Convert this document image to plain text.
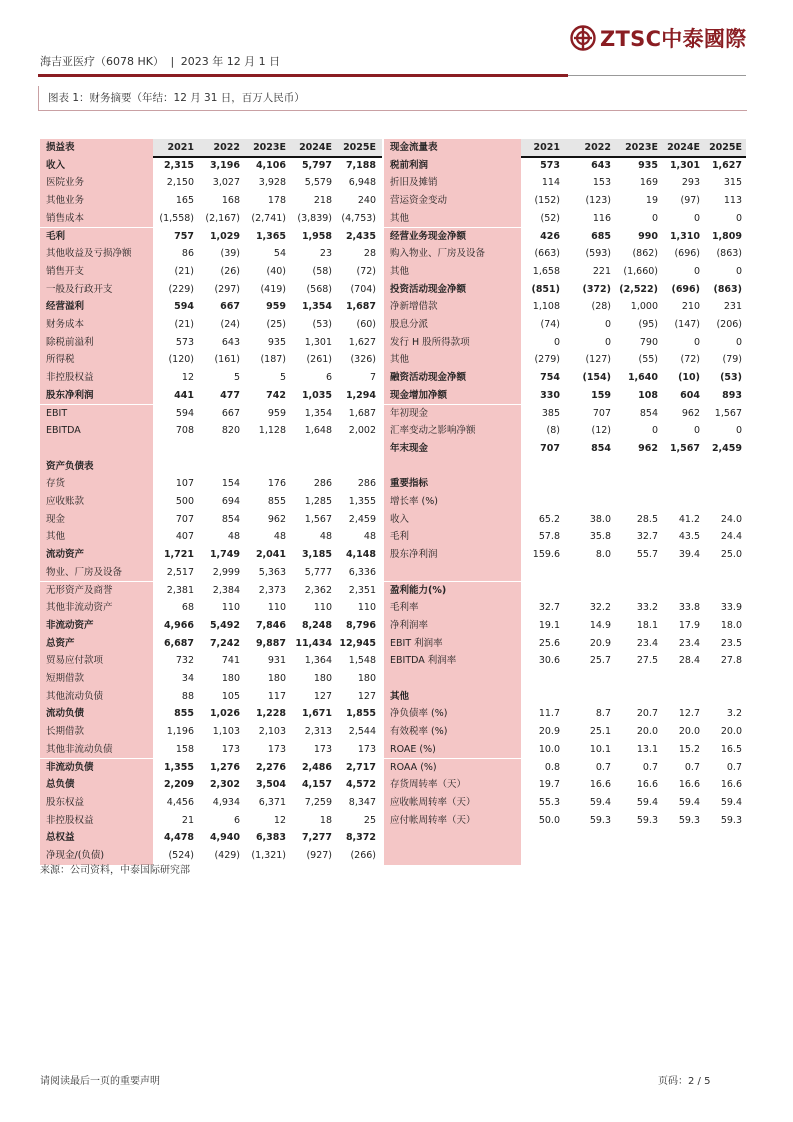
海吉亚医疗（6078 HK） | 2023 年 12 月 1 日
ZTSC中泰國際
图表 1：财务摘要（年结：12 月 31 日，百万人民币）
损益表	2021 2022 2023E 2024E 2025E
收入	2,315 3,196 4,106 5,797 7,188
医院业务	2,150 3,027 3,928 5,579 6,948
其他业务	165	168	178	218	240
销售成本	(1,558) (2,167) (2,741) (3,839) (4,753)
毛利	757 1,029 1,365 1,958 2,435
其他收益及亏损净额	86	(39)	54	23	28
销售开支	(21)	(26)	(40)	(58)	(72)
一般及行政开支	(229) (297) (419) (568) (704)
经营溢利	594	667	959 1,354 1,687
财务成本	(21)	(24)	(25)	(53)	(60)
除税前溢利	573	643	935 1,301 1,627
所得税	(120) (161) (187) (261) (326)
非控股权益	12	5	5	6	7
股东净利润	441	477	742 1,035 1,294
EBIT	594	667	959 1,354 1,687
EBITDA	708	820 1,128 1,648 2,002
资产负债表
存货	107	154	176	286	286
应收账款	500	694	855 1,285 1,355
现金	707	854	962 1,567 2,459
其他	407	48	48	48	48
流动资产	1,721 1,749 2,041 3,185 4,148
物业、厂房及设备	2,517 2,999 5,363 5,777 6,336
无形资产及商誉	2,381 2,384 2,373 2,362 2,351
其他非流动资产	68	110	110	110	110
非流动资产	4,966 5,492 7,846 8,248 8,796
总资产	6,687 7,242 9,887 11,434 12,945
贸易应付款项	732	741	931 1,364 1,548
短期借款	34	180	180	180	180
其他流动负债	88	105	117	127	127
流动负债	855 1,026 1,228 1,671 1,855
长期借款	1,196 1,103 2,103 2,313 2,544
其他非流动负债	158	173	173	173	173
非流动负债	1,355 1,276 2,276 2,486 2,717
总负债	2,209 2,302 3,504 4,157 4,572
股东权益	4,456 4,934 6,371 7,259 8,347
非控股权益	21	6	12	18	25
总权益	4,478 4,940 6,383 7,277 8,372
净现金/(负债)	(524) (429) (1,321) (927) (266)
现金流量表	2021	2022 2023E 2024E 2025E
税前利润	573	643	935 1,301 1,627
折旧及摊销	114	153	169	293	315
营运资金变动	(152)	(123)	19 (97)	113
其他	(52)	116	0	0	0
经营业务现金净额	426	685	990 1,310 1,809
购入物业、厂房及设备	(663)	(593) (862) (696) (863)
其他	1,658	221 (1,660)	0	0
投资活动现金净额	(851) (372) (2,522) (696) (863)
净新增借款	1,108	(28) 1,000	210	231
股息分派	(74)	0	(95) (147) (206)
发行 H 股所得款项	0	0	790	0	0
其他	(279)	(127)	(55) (72) (79)
融资活动现金净额	754 (154) 1,640 (10) (53)
现金增加净额	330	159	108 604 893
年初现金	385	707	854	962 1,567
汇率变动之影响净额	(8)	(12)	0	0	0
年末现金	707	854	962 1,567 2,459
重要指标
增长率 (%)
收入	65.2	38.0	28.5 41.2 24.0
毛利	57.8	35.8	32.7 43.5 24.4
股东净利润	159.6	8.0	55.7 39.4 25.0
盈利能力(%)
毛利率	32.7	32.2	33.2 33.8 33.9
净利润率	19.1	14.9	18.1 17.9 18.0
EBIT 利润率	25.6	20.9	23.4 23.4 23.5
EBITDA 利润率	30.6	25.7	27.5 28.4 27.8
其他
净负债率 (%)	11.7	8.7	20.7 12.7	3.2
有效税率 (%)	20.9	25.1	20.0 20.0 20.0
ROAE (%)	10.0	10.1	13.1 15.2 16.5
ROAA (%)	0.8	0.7	0.7	0.7	0.7
存货周转率（天）	19.7	16.6	16.6 16.6 16.6
应收帐周转率（天）	55.3	59.4	59.4 59.4 59.4
应付帐周转率（天）	50.0	59.3	59.3 59.3 59.3
来源：公司资料，中泰国际研究部
请阅读最后一页的重要声明	页码：2 / 5
